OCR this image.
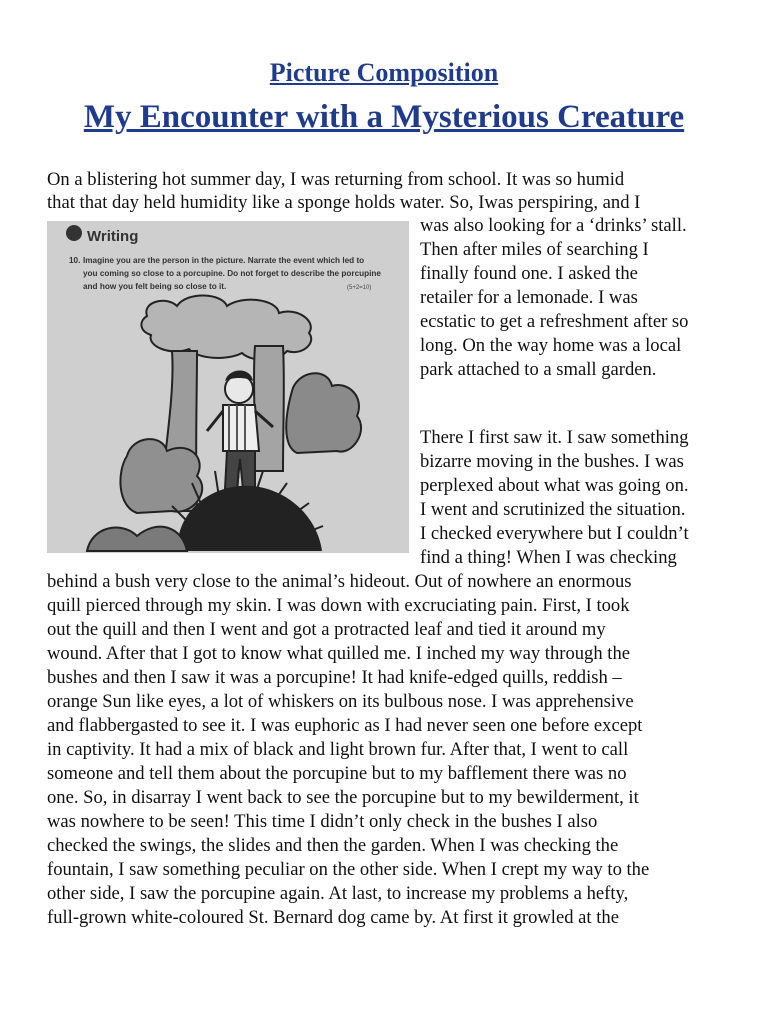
Picture Composition
My Encounter with a Mysterious Creature
On a blistering hot summer day, I was returning from school. It was so humid
that that day held humidity like a sponge holds water. So, Iwas perspiring, and I
Writing
10. Imagine you are the person in the picture. Narrate the event which led to
you coming so close to a porcupine. Do not forget to describe the porcupine
and how you felt being so close to it.	(5+2=10)
was also looking for a ‘drinks’ stall.
Then after miles of searching I
finally found one. I asked the
retailer for a lemonade. I was
ecstatic to get a refreshment after so
long. On the way home was a local
park attached to a small garden.
There I first saw it. I saw something
bizarre moving in the bushes. I was
perplexed about what was going on.
I went and scrutinized the situation.
I checked everywhere but I couldn’t
find a thing! When I was checking
behind a bush very close to the animal’s hideout. Out of nowhere an enormous
quill pierced through my skin. I was down with excruciating pain. First, I took
out the quill and then I went and got a protracted leaf and tied it around my
wound. After that I got to know what quilled me. I inched my way through the
bushes and then I saw it was a porcupine! It had knife-edged quills, reddish –
orange Sun like eyes, a lot of whiskers on its bulbous nose. I was apprehensive
and flabbergasted to see it. I was euphoric as I had never seen one before except
in captivity. It had a mix of black and light brown fur. After that, I went to call
someone and tell them about the porcupine but to my bafflement there was no
one. So, in disarray I went back to see the porcupine but to my bewilderment, it
was nowhere to be seen! This time I didn’t only check in the bushes I also
checked the swings, the slides and then the garden. When I was checking the
fountain, I saw something peculiar on the other side. When I crept my way to the
other side, I saw the porcupine again. At last, to increase my problems a hefty,
full-grown white-coloured St. Bernard dog came by. At first it growled at the
